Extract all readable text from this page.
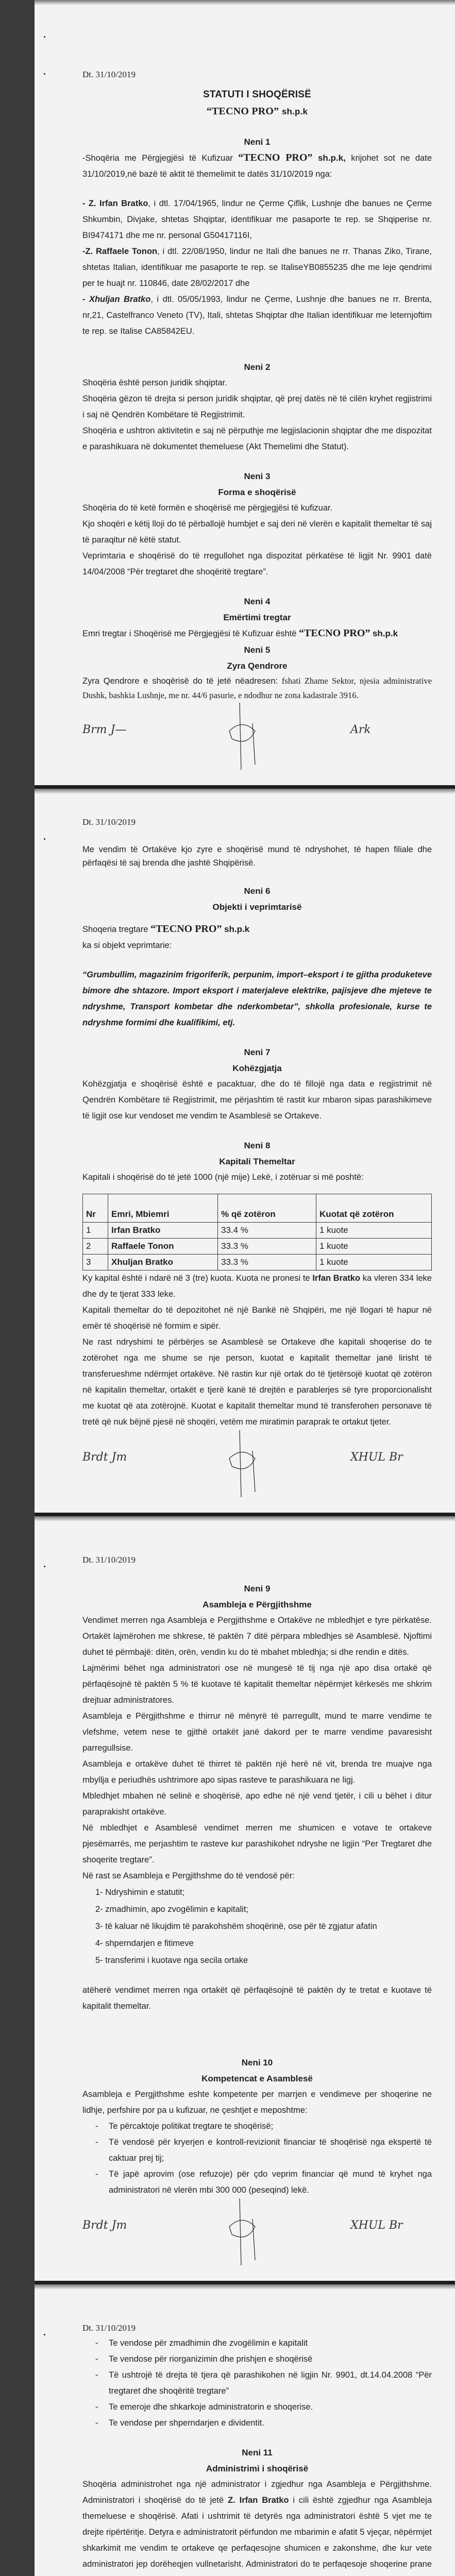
Dt. 31/10/2019
STATUTI I SHOQËRISË
“TECNO PRO” sh.p.k
Neni 1

-Shoqëria me Përgjegjësi të Kufizuar “TECNO PRO” sh.p.k, krijohet sot ne date 31/10/2019,në bazë të aktit të themelimit te datës 31/10/2019 nga:

- Z. Irfan Bratko, i dtl. 17/04/1965, lindur ne Çerme Çiflik, Lushnje dhe banues ne Çerme Shkumbin, Divjake, shtetas Shqiptar, identifikuar me pasaporte te rep. se Shqiperise nr. BI9474171 dhe me nr. personal G50417116I,

-Z. Raffaele Tonon, i dtl. 22/08/1950, lindur ne Itali dhe banues ne rr. Thanas Ziko, Tirane, shtetas Italian, identifikuar me pasaporte te rep. se ItaliseYB0855235 dhe me leje qendrimi per te huajt nr. 110846, date 28/02/2017 dhe

- Xhuljan Bratko, i dtl. 05/05/1993, lindur ne Çerme, Lushnje dhe banues ne rr. Brenta, nr,21, Castelfranco Veneto (TV), Itali, shtetas Shqiptar dhe Italian identifikuar me leternjoftim te rep. se Italise CA85842EU.

Neni 2

Shoqëria është person juridik shqiptar.

Shoqëria gëzon të drejta si person juridik shqiptar, që prej datës në të cilën kryhet regjistrimi i saj në Qendrën Kombëtare të Regjistrimit.

Shoqëria e ushtron aktivitetin e saj në përputhje me legjislacionin shqiptar dhe me dispozitat e parashikuara në dokumentet themeluese (Akt Themelimi dhe Statut).

Neni 3
Forma e shoqërisë

Shoqëria do të ketë formën e shoqërisë me përgjegjësi të kufizuar.

Kjo shoqëri e këtij lloji do të përballojë humbjet e saj deri në vlerën e kapitalit themeltar të saj të paraqitur në këtë statut.

Veprimtaria e shoqërisë do të rregullohet nga dispozitat përkatëse të ligjit Nr. 9901 datë 14/04/2008 “Për tregtaret dhe shoqëritë tregtare”.

Neni 4
Emërtimi tregtar

Emri tregtar i Shoqërisë me Përgjegjësi të Kufizuar është “TECNO PRO” sh.p.k

Neni 5
Zyra Qendrore

Zyra Qendrore e shoqërisë do të jetë nëadresen: fshati Zhame Sektor, njesia administrative Dushk, bashkia Lushnje, me nr. 44/6 pasurie, e ndodhur ne zona kadastrale 3916.

Brm J—	Ark
Dt. 31/10/2019

Me vendim të Ortakëve kjo zyre e shoqërisë mund të ndryshohet, të hapen filiale dhe përfaqësi të saj brenda dhe jashtë Shqipërisë.

Neni 6
Objekti i veprimtarisë

Shoqeria tregtare “TECNO PRO” sh.p.k

ka si objekt veprimtarie:

“Grumbullim, magazinim frigoriferik, perpunim, import–eksport i te gjitha produketeve bimore dhe shtazore. Import eksport i materjaleve elektrike, pajisjeve dhe mjeteve te ndryshme, Transport kombetar dhe nderkombetar”, shkolla profesionale, kurse te ndryshme formimi dhe kualifikimi, etj.

Neni 7
Kohëzgjatja

Kohëzgjatja e shoqërisë është e pacaktuar, dhe do të fillojë nga data e regjistrimit në Qendrën Kombëtare të Regjistrimit, me përjashtim të rastit kur mbaron sipas parashikimeve të ligjit ose kur vendoset me vendim te Asamblesë se Ortakeve.

Neni 8
Kapitali Themeltar

Kapitali i shoqërisë do të jetë 1000 (një mije) Lekë, i zotëruar si më poshtë:

Nr	Emri, Mbiemri	% që zotëron	Kuotat që zotëron
1	Irfan Bratko	33.4 %	1 kuote
2	Raffaele Tonon	33.3 %	1 kuote
3	Xhuljan Bratko	33.3 %	1 kuote

Ky kapital është i ndarë në 3 (tre) kuota. Kuota ne pronesi te Irfan Bratko ka vleren 334 leke dhe dy te tjerat 333 leke.

Kapitali themeltar do të depozitohet në një Bankë në Shqipëri, me një llogari të hapur në emër të shoqërisë në formim e sipër.

Ne rast ndryshimi te përbërjes se Asamblesë se Ortakeve dhe kapitali shoqerise do te zotërohet nga me shume se nje person, kuotat e kapitalit themeltar janë lirisht të transferueshme ndërmjet ortakëve. Në rastin kur një ortak do të tjetërsojë kuotat që zotëron në kapitalin themeltar, ortakët e tjerë kanë të drejtën e parablerjes së tyre proporcionalisht me kuotat që ata zotërojnë. Kuotat e kapitalit themeltar mund të transferohen personave të tretë që nuk bëjnë pjesë në shoqëri, vetëm me miratimin paraprak te ortakut tjeter.

Brdt Jm	XHUL Br
Dt. 31/10/2019
Neni 9
Asambleja e Përgjithshme

Vendimet merren nga Asambleja e Pergjithshme e Ortakëve ne mbledhjet e tyre përkatëse. Ortakët lajmërohen me shkrese, të paktën 7 ditë përpara mbledhjes së Asamblesë. Njoftimi duhet të përmbajë: ditën, orën, vendin ku do të mbahet mbledhja; si dhe rendin e ditës.

Lajmërimi bëhet nga administratori ose në mungesë të tij nga një apo disa ortakë që përfaqësojnë të paktën 5 % të kuotave të kapitalit themeltar nëpërmjet kërkesës me shkrim drejtuar administratores.

Asambleja e Përgjithshme e thirrur në mënyrë të parregullt, mund te marre vendime te vlefshme, vetem nese te gjithë ortakët janë dakord per te marre vendime pavaresisht parregullsise.

Asambleja e ortakëve duhet të thirret të paktën një herë në vit, brenda tre muajve nga mbyllja e periudhës ushtrimore apo sipas rasteve te parashikuara ne ligj.

Mbledhjet mbahen në selinë e shoqërisë, apo edhe në një vend tjetër, i cili u bëhet i ditur paraprakisht ortakëve.

Në mbledhjet e Asamblesë vendimet merren me shumicen e votave te ortakeve pjesëmarrës, me perjashtim te rasteve kur parashikohet ndryshe ne ligjin “Per Tregtaret dhe shoqerite tregtare”.

Në rast se Asambleja e Pergjithshme do të vendosë për:

1- Ndryshimin e statutit;
2- zmadhimin, apo zvogëlimin e kapitalit;
3- të kaluar në likujdim të parakohshëm shoqërinë, ose për të zgjatur afatin
4- shperndarjen e fitimeve
5- transferimi i kuotave nga secila ortake

atëherë vendimet merren nga ortakët që përfaqësojnë të paktën dy te tretat e kuotave të kapitalit themeltar.

Neni 10
Kompetencat e Asamblesë

Asambleja e Pergjithshme eshte kompetente per marrjen e vendimeve per shoqerine ne lidhje, perfshire por pa u kufizuar, ne çeshtjet e meposhtme:

- Te përcaktoje politikat tregtare te shoqërisë;
- Të vendosë për kryerjen e kontroll-revizionit financiar të shoqërisë nga ekspertë të caktuar prej tij;
- Të japë aprovim (ose refuzoje) për çdo veprim financiar që mund të kryhet nga administratori në vlerën mbi 300 000 (peseqind) lekë.
Brdt Jm	XHUL Br
Dt. 31/10/2019
- Te vendose për zmadhimin dhe zvogëlimin e kapitalit
- Te vendose për riorganizimin dhe prishjen e shoqërisë
- Të ushtrojë të drejta të tjera që parashikohen në ligjin Nr. 9901, dt.14.04.2008 “Për tregtaret dhe shoqëritë tregtare”
- Te emeroje dhe shkarkoje administratorin e shoqerise.
- Te vendose per shperndarjen e dividentit.
Neni 11
Administrimi i shoqërisë

Shoqëria administrohet nga një administrator i zgjedhur nga Asambleja e Përgjithshme. Administratori i shoqërisë do të jetë Z. Irfan Bratko i cili është zgjedhur nga Asambleja themeluese e shoqërisë. Afati i ushtrimit të detyrës nga administratori është 5 vjet me te drejte ripërtëritje. Detyra e administratorit përfundon me mbarimin e afatit 5 vjeçar, nëpërmjet shkarkimit me vendim te ortakeve qe perfaqesojne shumicen e zakonshme, dhe kur vete administratori jep dorëheqjen vullnetarisht. Administratori do te perfaqesoje shoqerine prane
